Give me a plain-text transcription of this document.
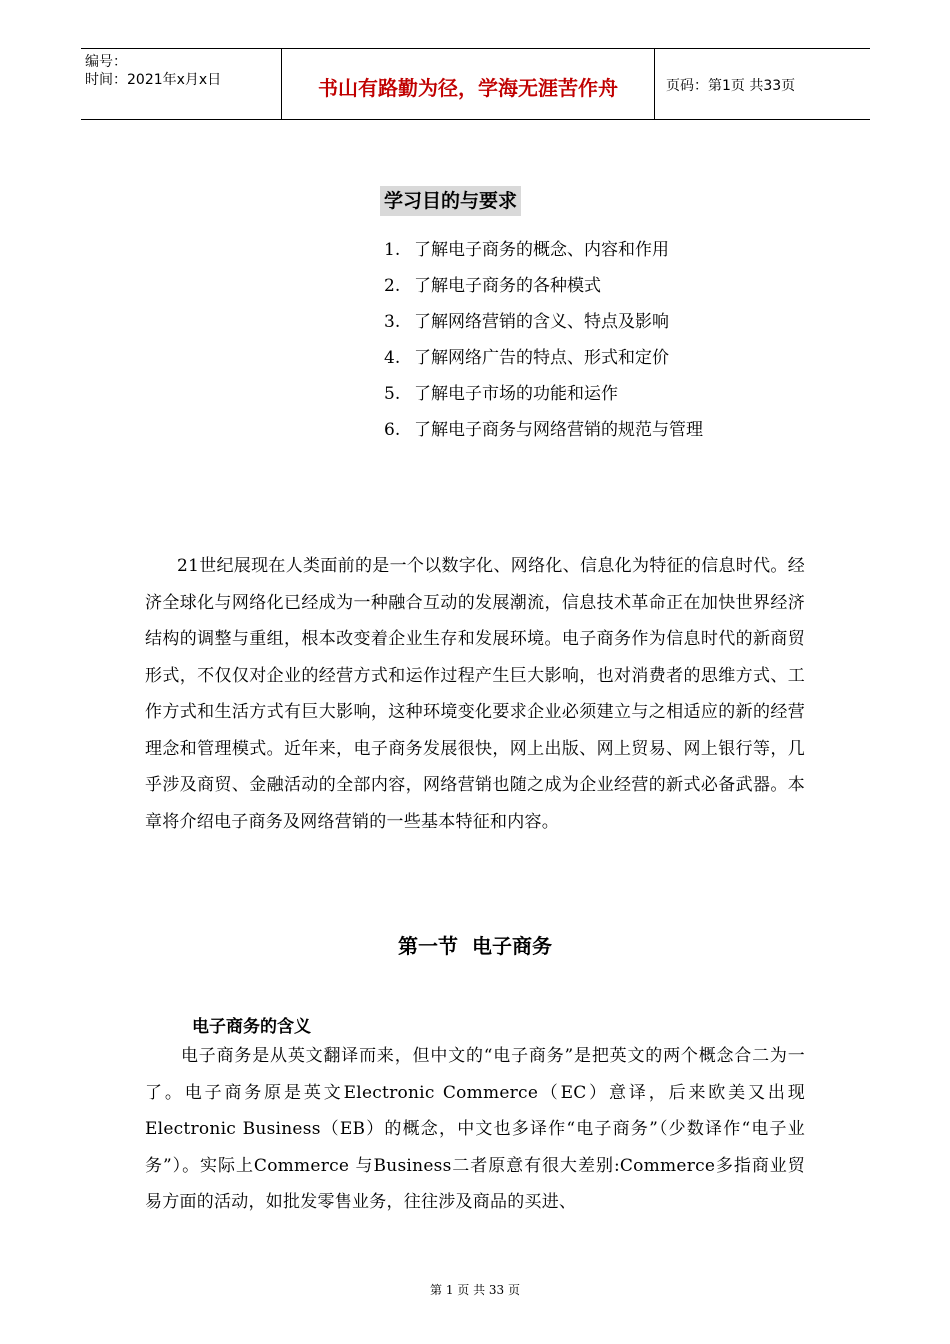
编号：
时间：2021年x月x日	书山有路勤为径，学海无涯苦作舟	页码：第1页 共33页
学习目的与要求
1. 了解电子商务的概念、内容和作用
2. 了解电子商务的各种模式
3. 了解网络营销的含义、特点及影响
4. 了解网络广告的特点、形式和定价
5. 了解电子市场的功能和运作
6. 了解电子商务与网络营销的规范与管理

21世纪展现在人类面前的是一个以数字化、网络化、信息化为特征的信息时代。经济全球化与网络化已经成为一种融合互动的发展潮流，信息技术革命正在加快世界经济结构的调整与重组，根本改变着企业生存和发展环境。电子商务作为信息时代的新商贸形式，不仅仅对企业的经营方式和运作过程产生巨大影响，也对消费者的思维方式、工作方式和生活方式有巨大影响，这种环境变化要求企业必须建立与之相适应的新的经营理念和管理模式。近年来，电子商务发展很快，网上出版、网上贸易、网上银行等，几乎涉及商贸、金融活动的全部内容，网络营销也随之成为企业经营的新式必备武器。本章将介绍电子商务及网络营销的一些基本特征和内容。

第一节  电子商务
电子商务的含义

电子商务是从英文翻译而来，但中文的“电子商务”是把英文的两个概念合二为一了。电子商务原是英文Electronic Commerce（EC）意译，后来欧美又出现 Electronic Business（EB）的概念，中文也多译作“电子商务”（少数译作“电子业务”）。实际上Commerce 与Business二者原意有很大差别:Commerce多指商业贸易方面的活动，如批发零售业务，往往涉及商品的买进、

第 1 页 共 33 页
